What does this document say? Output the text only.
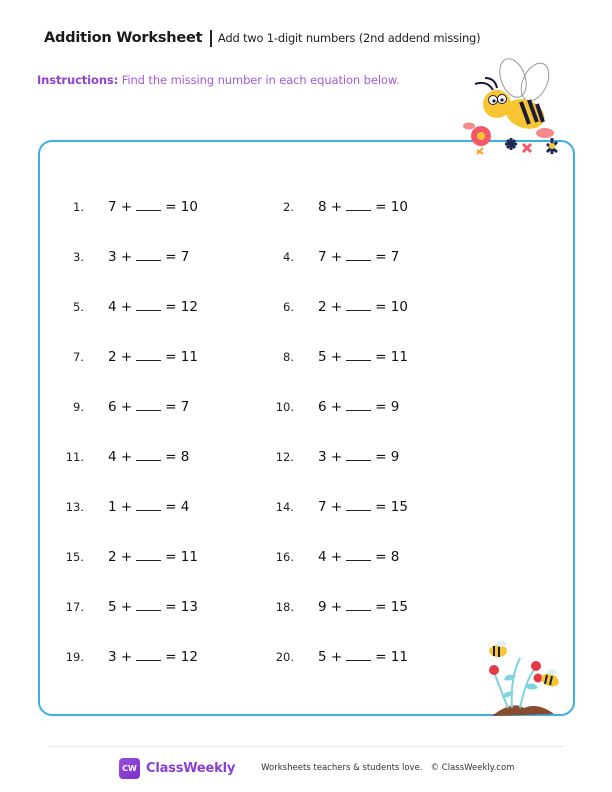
Addition Worksheet Add two 1-digit numbers (2nd addend missing)
Instructions: Find the missing number in each equation below.
1.	7 + = 10	2.	8 + = 10
3.	3 + = 7	4.	7 + = 7
5.	4 + = 12	6.	2 + = 10
7.	2 + = 11	8.	5 + = 11
9.	6 + = 7	10.	6 + = 9
11.	4 + = 8	12.	3 + = 9
13.	1 + = 4	14.	7 + = 15
15.	2 + = 11	16.	4 + = 8
17.	5 + = 13	18.	9 + = 15
19.	3 + = 12	20.	5 + = 11
CW ClassWeekly	Worksheets teachers & students love. © ClassWeekly.com
